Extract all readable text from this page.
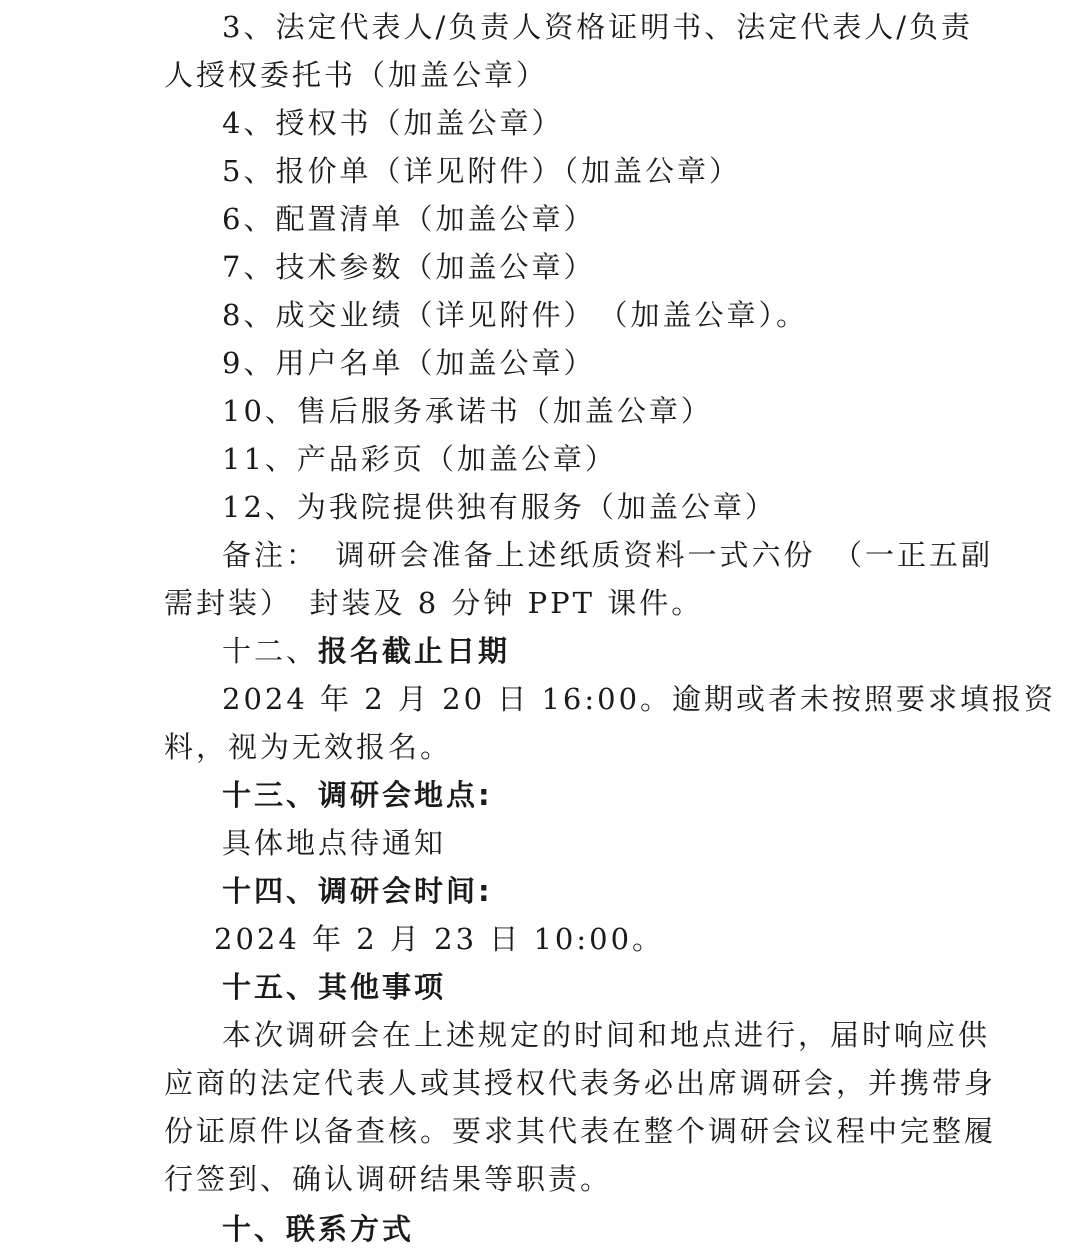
3、法定代表人/负责人资格证明书、法定代表人/负责
人授权委托书（加盖公章）
4、授权书（加盖公章）
5、报价单（详见附件）（加盖公章）
6、配置清单（加盖公章）
7、技术参数（加盖公章）
8、成交业绩（详见附件）　（加盖公章）。
9、用户名单（加盖公章）
10、售后服务承诺书（加盖公章）
11、产品彩页（加盖公章）
12、为我院提供独有服务（加盖公章）
备注：　调研会准备上述纸质资料一式六份　（一正五副
需封装）　封装及 8 分钟 PPT 课件。
十二、报名截止日期
2024 年 2 月 20 日 16:00。逾期或者未按照要求填报资
料，视为无效报名。
十三、调研会地点:
具体地点待通知
十四、调研会时间:
2024 年 2 月 23 日 10:00。
十五、其他事项
本次调研会在上述规定的时间和地点进行，届时响应供
应商的法定代表人或其授权代表务必出席调研会，并携带身
份证原件以备查核。要求其代表在整个调研会议程中完整履
行签到、确认调研结果等职责。
十、联系方式
